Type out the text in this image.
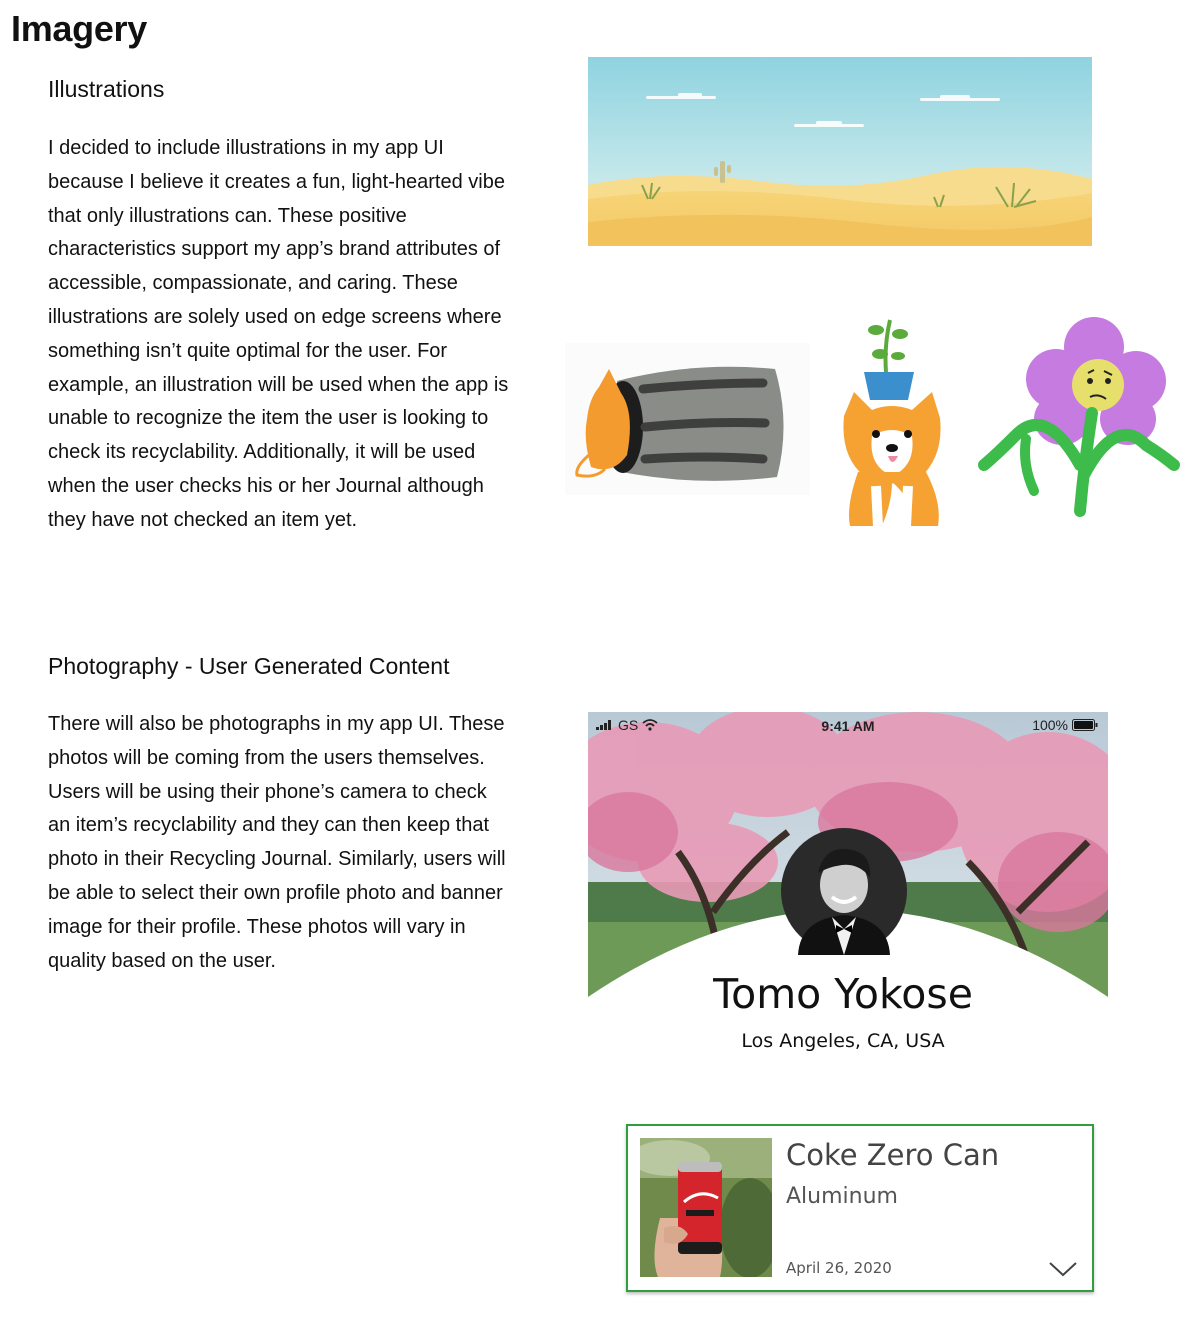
Imagery
Illustrations

I decided to include illustrations in my app UI because I believe it creates a fun, light-hearted vibe that only illustrations can. These positive characteristics support my app’s brand attributes of accessible, compassionate, and caring. These illustrations are solely used on edge screens where something isn’t quite optimal for the user. For example, an illustration will be used when the app is unable to recognize the item the user is looking to check its recyclability. Additionally, it will be used when the user checks his or her Journal although they have not checked an item yet.

Photography - User Generated Content

There will also be photographs in my app UI. These photos will be coming from the users themselves. Users will be using their phone’s camera to check an item’s recyclability and they can then keep that photo in their Recycling Journal. Similarly, users will be able to select their own profile photo and banner image for their profile. These photos will vary in quality based on the user.

GS	9:41 AM	100%
Tomo Yokose
Los Angeles, CA, USA
Coke Zero Can
Aluminum
April 26, 2020
